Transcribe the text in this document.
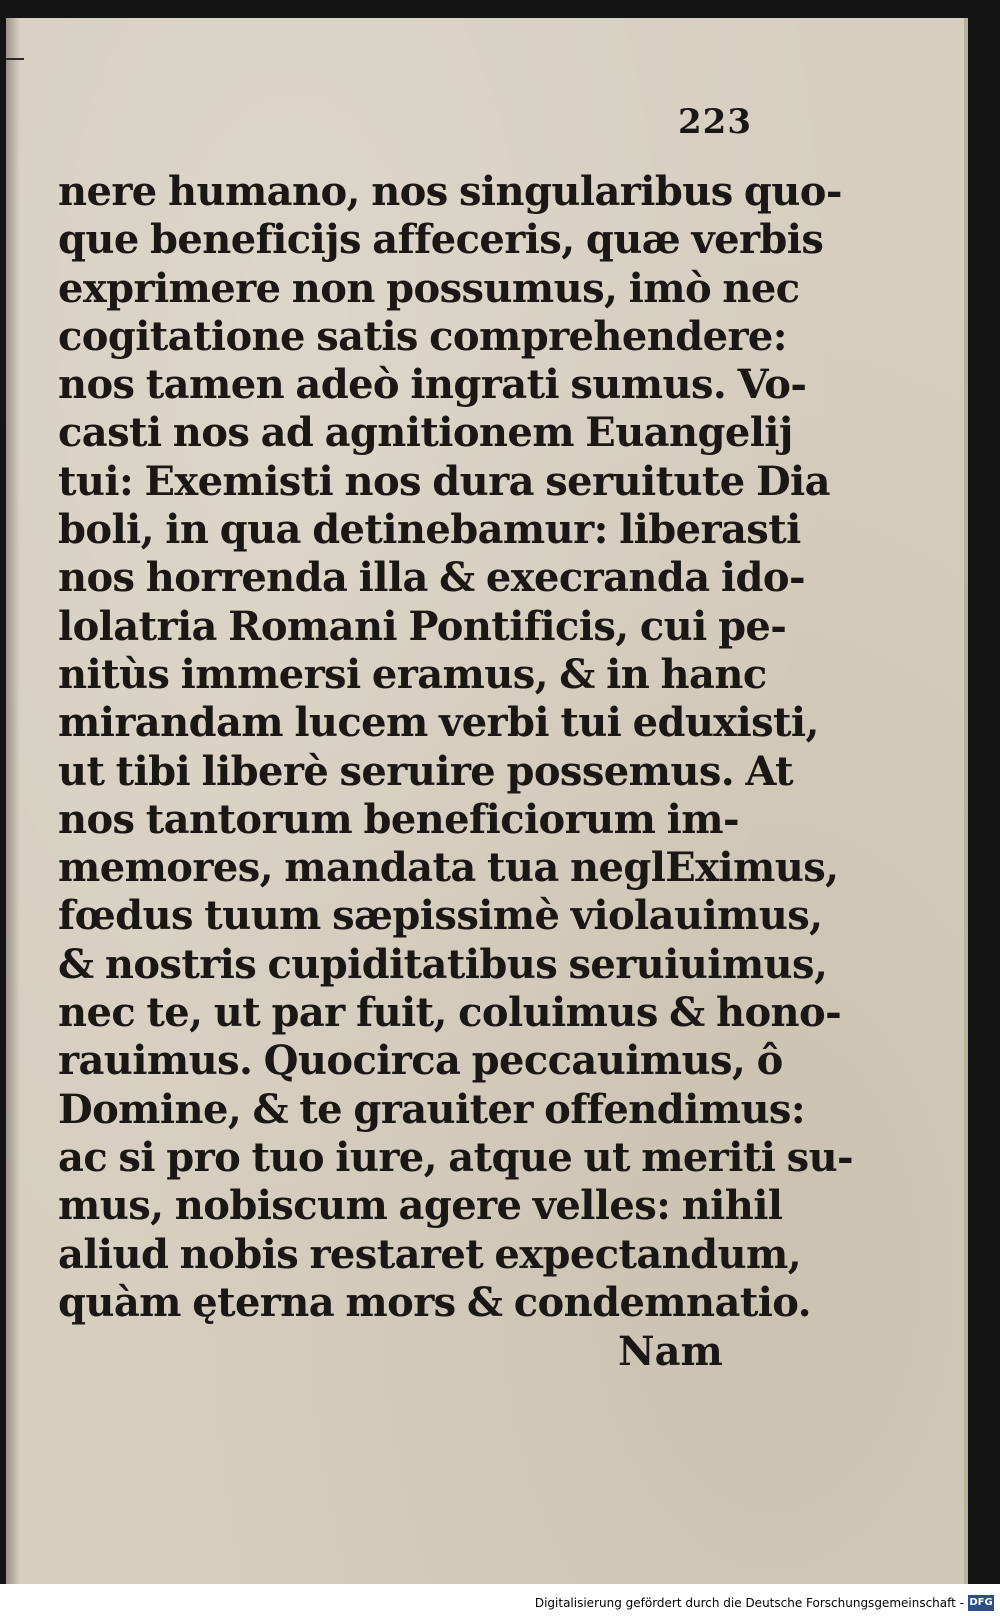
223
nere humano, nos singularibus quo-
que beneficijs affeceris, quæ verbis
exprimere non possumus, imò nec
cogitatione satis comprehendere:
nos tamen adeò ingrati sumus. Vo-
casti nos ad agnitionem Euangelij
tui: Exemisti nos dura seruitute Dia
boli, in qua detinebamur: liberasti
nos horrenda illa & execranda ido-
lolatria Romani Pontificis, cui pe-
nitùs immersi eramus, & in hanc
mirandam lucem verbi tui eduxisti,
ut tibi liberè seruire possemus. At
nos tantorum beneficiorum im-
memores, mandata tua neglEximus,
fœdus tuum sæpissimè violauimus,
& nostris cupiditatibus seruiuimus,
nec te, ut par fuit, coluimus & hono-
rauimus. Quocirca peccauimus, ô
Domine, & te grauiter offendimus:
ac si pro tuo iure, atque ut meriti su-
mus, nobiscum agere velles: nihil
aliud nobis restaret expectandum,
quàm ęterna mors & condemnatio.
Nam
Digitalisierung gefördert durch die Deutsche Forschungsgemeinschaft - DFG
